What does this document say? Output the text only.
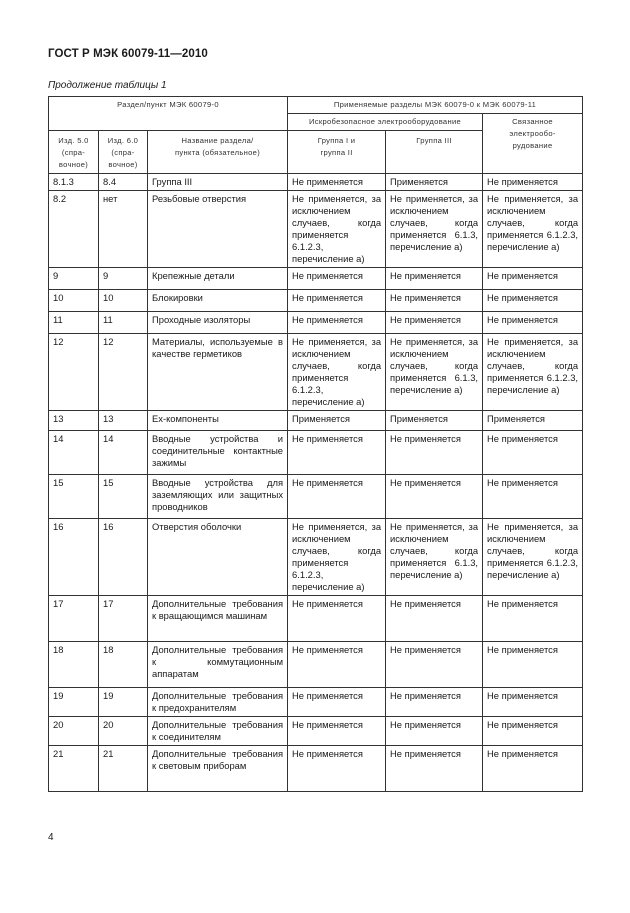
ГОСТ Р МЭК 60079-11—2010
Продолжение таблицы 1
Раздел/пункт МЭК 60079-0			Применяемые разделы МЭК 60079-0 к МЭК 60079-11		
			Искробезопасное электрооборудование		Связанное электрообо-рудование
Изд. 5.0 (спра-вочное)	Изд. 6.0 (спра-вочное)	Название раздела/пункта (обязательное)	Группа I и группа II	Группа III	
8.1.3	8.4	Группа III	Не применяется	Применяется	Не применяется
8.2	нет	Резьбовые отверстия	Не применяется, за исключением случаев, когда применяется 6.1.2.3, перечисление а)	Не применяется, за исключением случаев, когда применяется 6.1.3, перечисление а)	Не применяется, за исключением случаев, когда применяется 6.1.2.3, перечисление а)
9	9	Крепежные детали	Не применяется	Не применяется	Не применяется
10	10	Блокировки	Не применяется	Не применяется	Не применяется
11	11	Проходные изоляторы	Не применяется	Не применяется	Не применяется
12	12	Материалы, используемые в качестве герметиков	Не применяется, за исключением случаев, когда применяется 6.1.2.3, перечисление а)	Не применяется, за исключением случаев, когда применяется 6.1.3, перечисление а)	Не применяется, за исключением случаев, когда применяется 6.1.2.3, перечисление а)
13	13	Ех-компоненты	Применяется	Применяется	Применяется
14	14	Вводные устройства и соединительные контактные зажимы	Не применяется	Не применяется	Не применяется
15	15	Вводные устройства для заземляющих или защитных проводников	Не применяется	Не применяется	Не применяется
16	16	Отверстия оболочки	Не применяется, за исключением случаев, когда применяется 6.1.2.3, перечисление а)	Не применяется, за исключением случаев, когда применяется 6.1.3, перечисление а)	Не применяется, за исключением случаев, когда применяется 6.1.2.3, перечисление а)
17	17	Дополнительные требования к вращающимся машинам	Не применяется	Не применяется	Не применяется
18	18	Дополнительные требования к коммутационным аппаратам	Не применяется	Не применяется	Не применяется
19	19	Дополнительные требования к предохранителям	Не применяется	Не применяется	Не применяется
20	20	Дополнительные требования к соединителям	Не применяется	Не применяется	Не применяется
21	21	Дополнительные требования к световым приборам	Не применяется	Не применяется	Не применяется
4
